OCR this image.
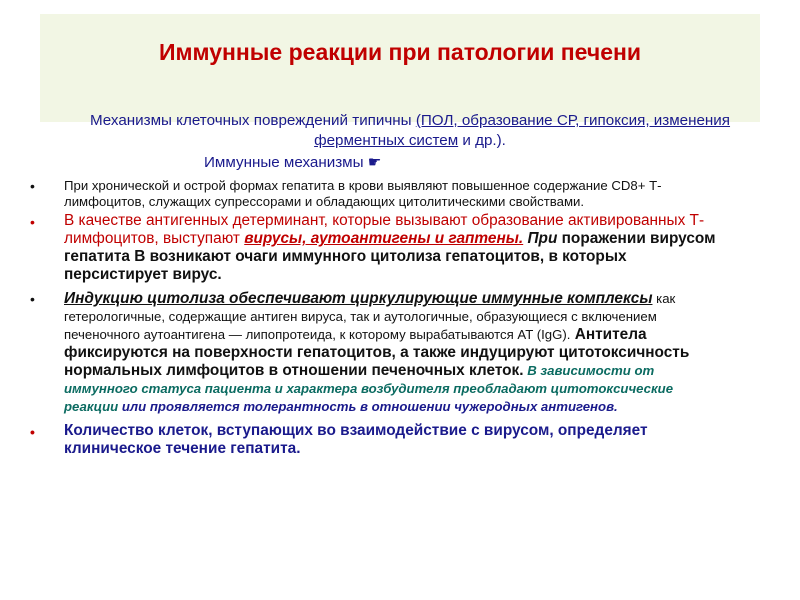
Иммунные реакции при патологии печени
Механизмы клеточных повреждений типичны (ПОЛ, образование СР, гипоксия, изменения ферментных систем и др.).
Иммунные механизмы ☛
• При хронической и острой формах гепатита в крови выявляют повышенное содержание CD8+ Т-лимфоцитов, служащих супрессорами и обладающих цитолитическими свойствами.
• В качестве антигенных детерминант, которые вызывают образование активированных Т-лимфоцитов, выступают вирусы, аутоантигены и гаптены. При поражении вирусом гепатита В возникают очаги иммунного цитолиза гепатоцитов, в которых персистирует вирус.
• Индукцию цитолиза обеспечивают циркулирующие иммунные комплексы как гетерологичные, содержащие антиген вируса, так и аутологичные, образующиеся с включением печеночного аутоантигена — липопротеида, к которому вырабатываются AT (IgG). Антитела фиксируются на поверхности гепатоцитов, а также индуцируют цитотоксичность нормальных лимфоцитов в отношении печеночных клеток. В зависимости от иммунного статуса пациента и характера возбудителя преобладают цитотоксические реакции или проявляется толерантность в отношении чужеродных антигенов.
• Количество клеток, вступающих во взаимодействие с вирусом, определяет клиническое течение гепатита.
